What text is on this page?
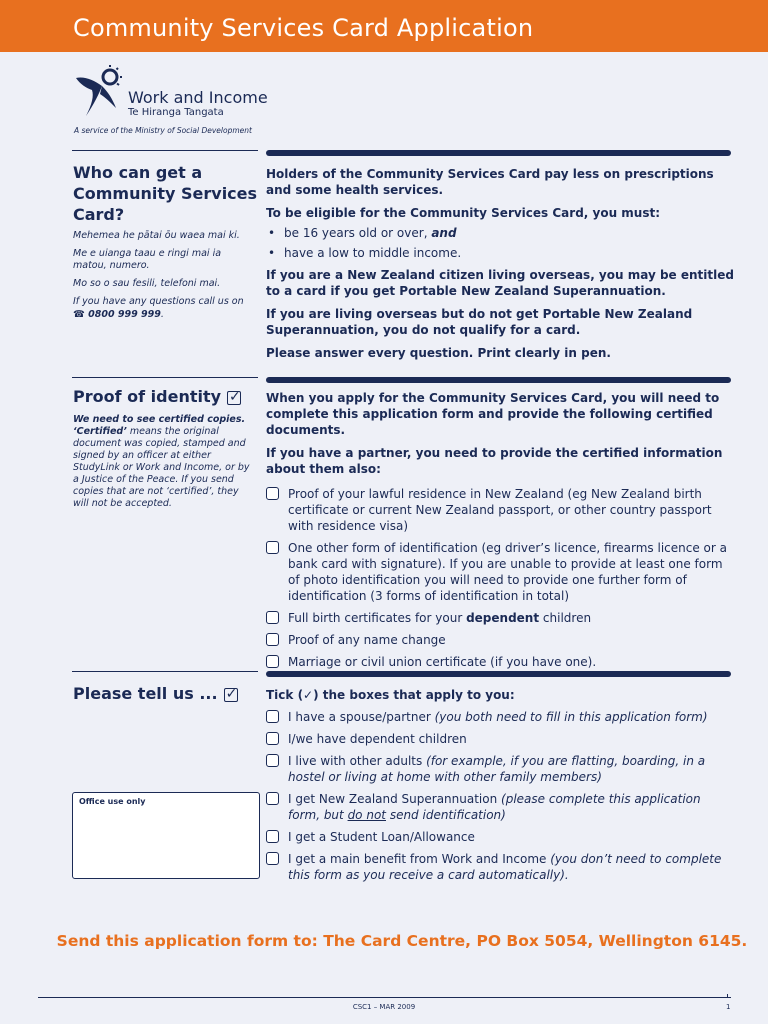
Community Services Card Application
Work and Income
Te Hiranga Tangata
A service of the Ministry of Social Development
Who can get a
Community Services
Card?

Mehemea he pātai ōu waea mai ki.

Me e uianga taau e ringi mai ia matou, numero.

Mo so o sau fesili, telefoni mai.

If you have any questions call us on

☎ 0800 999 999.

Holders of the Community Services Card pay less on prescriptions and some health services.

To be eligible for the Community Services Card, you must:

• be 16 years old or over, and
• have a low to middle income.

If you are a New Zealand citizen living overseas, you may be entitled to a card if you get Portable New Zealand Superannuation.

If you are living overseas but do not get Portable New Zealand Superannuation, you do not qualify for a card.

Please answer every question. Print clearly in pen.

Proof of identity ✓

We need to see certified copies.
‘Certified’ means the original document was copied, stamped and signed by an officer at either StudyLink or Work and Income, or by a Justice of the Peace. If you send copies that are not ‘certified’, they will not be accepted.

When you apply for the Community Services Card, you will need to complete this application form and provide the following certified documents.

If you have a partner, you need to provide the certified information about them also:

Proof of your lawful residence in New Zealand (eg New Zealand birth certificate or current New Zealand passport, or other country passport with residence visa)
One other form of identification (eg driver’s licence, firearms licence or a bank card with signature). If you are unable to provide at least one form of photo identification you will need to provide one further form of identification (3 forms of identification in total)
Full birth certificates for your dependent children
Proof of any name change
Marriage or civil union certificate (if you have one).
Please tell us ... ✓
Office use only

Tick (✓) the boxes that apply to you:

I have a spouse/partner (you both need to fill in this application form)
I/we have dependent children
I live with other adults (for example, if you are flatting, boarding, in a hostel or living at home with other family members)
I get New Zealand Superannuation (please complete this application form, but do not send identification)
I get a Student Loan/Allowance
I get a main benefit from Work and Income (you don’t need to complete this form as you receive a card automatically).
Send this application form to: The Card Centre, PO Box 5054, Wellington 6145.
CSC1 – MAR 2009	1
